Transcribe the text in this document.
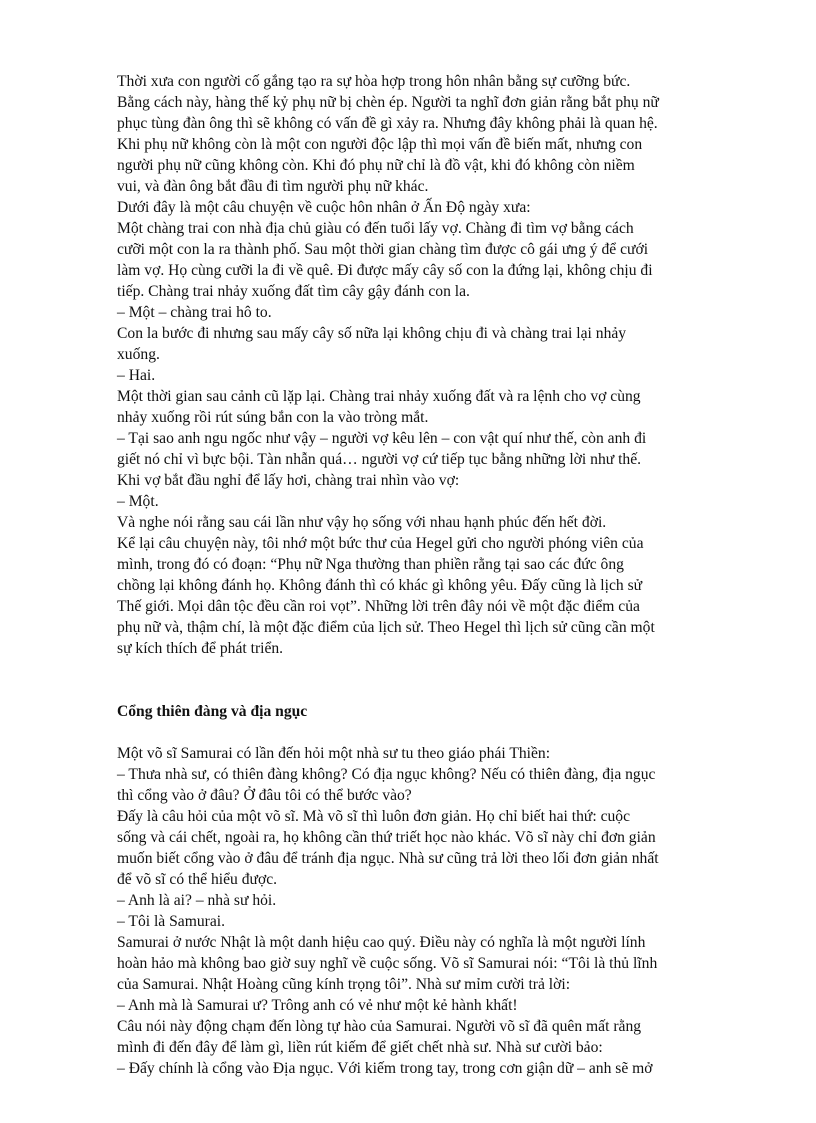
Thời xưa con người cố gắng tạo ra sự hòa hợp trong hôn nhân bằng sự cưỡng bức.

Bằng cách này, hàng thế kỷ phụ nữ bị chèn ép. Người ta nghĩ đơn giản rằng bắt phụ nữ

phục tùng đàn ông thì sẽ không có vấn đề gì xảy ra. Nhưng đây không phải là quan hệ.

Khi phụ nữ không còn là một con người độc lập thì mọi vấn đề biến mất, nhưng con

người phụ nữ cũng không còn. Khi đó phụ nữ chỉ là đồ vật, khi đó không còn niềm

vui, và đàn ông bắt đầu đi tìm người phụ nữ khác.

Dưới đây là một câu chuyện về cuộc hôn nhân ở Ấn Độ ngày xưa:

Một chàng trai con nhà địa chủ giàu có đến tuổi lấy vợ. Chàng đi tìm vợ bằng cách

cưỡi một con la ra thành phố. Sau một thời gian chàng tìm được cô gái ưng ý để cưới

làm vợ. Họ cùng cưỡi la đi về quê. Đi được mấy cây số con la đứng lại, không chịu đi

tiếp. Chàng trai nhảy xuống đất tìm cây gậy đánh con la.

– Một – chàng trai hô to.

Con la bước đi nhưng sau mấy cây số nữa lại không chịu đi và chàng trai lại nhảy

xuống.

– Hai.

Một thời gian sau cảnh cũ lặp lại. Chàng trai nhảy xuống đất và ra lệnh cho vợ cùng

nhảy xuống rồi rút súng bắn con la vào tròng mắt.

– Tại sao anh ngu ngốc như vậy – người vợ kêu lên – con vật quí như thế, còn anh đi

giết nó chỉ vì bực bội. Tàn nhẫn quá… người vợ cứ tiếp tục bằng những lời như thế.

Khi vợ bắt đầu nghỉ để lấy hơi, chàng trai nhìn vào vợ:

– Một.

Và nghe nói rằng sau cái lần như vậy họ sống với nhau hạnh phúc đến hết đời.

Kể lại câu chuyện này, tôi nhớ một bức thư của Hegel gửi cho người phóng viên của

mình, trong đó có đoạn: “Phụ nữ Nga thường than phiền rằng tại sao các đức ông

chồng lại không đánh họ. Không đánh thì có khác gì không yêu. Đấy cũng là lịch sử

Thế giới. Mọi dân tộc đều cần roi vọt”. Những lời trên đây nói về một đặc điểm của

phụ nữ và, thậm chí, là một đặc điểm của lịch sử. Theo Hegel thì lịch sử cũng cần một

sự kích thích để phát triển.

Cổng thiên đàng và địa ngục

Một võ sĩ Samurai có lần đến hỏi một nhà sư tu theo giáo phái Thiền:

– Thưa nhà sư, có thiên đàng không? Có địa ngục không? Nếu có thiên đàng, địa ngục

thì cổng vào ở đâu? Ở đâu tôi có thể bước vào?

Đấy là câu hỏi của một võ sĩ. Mà võ sĩ thì luôn đơn giản. Họ chỉ biết hai thứ: cuộc

sống và cái chết, ngoài ra, họ không cần thứ triết học nào khác. Võ sĩ này chỉ đơn giản

muốn biết cổng vào ở đâu để tránh địa ngục. Nhà sư cũng trả lời theo lối đơn giản nhất

để võ sĩ có thể hiểu được.

– Anh là ai? – nhà sư hỏi.

– Tôi là Samurai.

Samurai ở nước Nhật là một danh hiệu cao quý. Điều này có nghĩa là một người lính

hoàn hảo mà không bao giờ suy nghĩ về cuộc sống. Võ sĩ Samurai nói: “Tôi là thủ lĩnh

của Samurai. Nhật Hoàng cũng kính trọng tôi”. Nhà sư mỉm cười trả lời:

– Anh mà là Samurai ư? Trông anh có vẻ như một kẻ hành khất!

Câu nói này động chạm đến lòng tự hào của Samurai. Người võ sĩ đã quên mất rằng

mình đi đến đây để làm gì, liền rút kiếm để giết chết nhà sư. Nhà sư cười bảo:

– Đấy chính là cổng vào Địa ngục. Với kiếm trong tay, trong cơn giận dữ – anh sẽ mở
